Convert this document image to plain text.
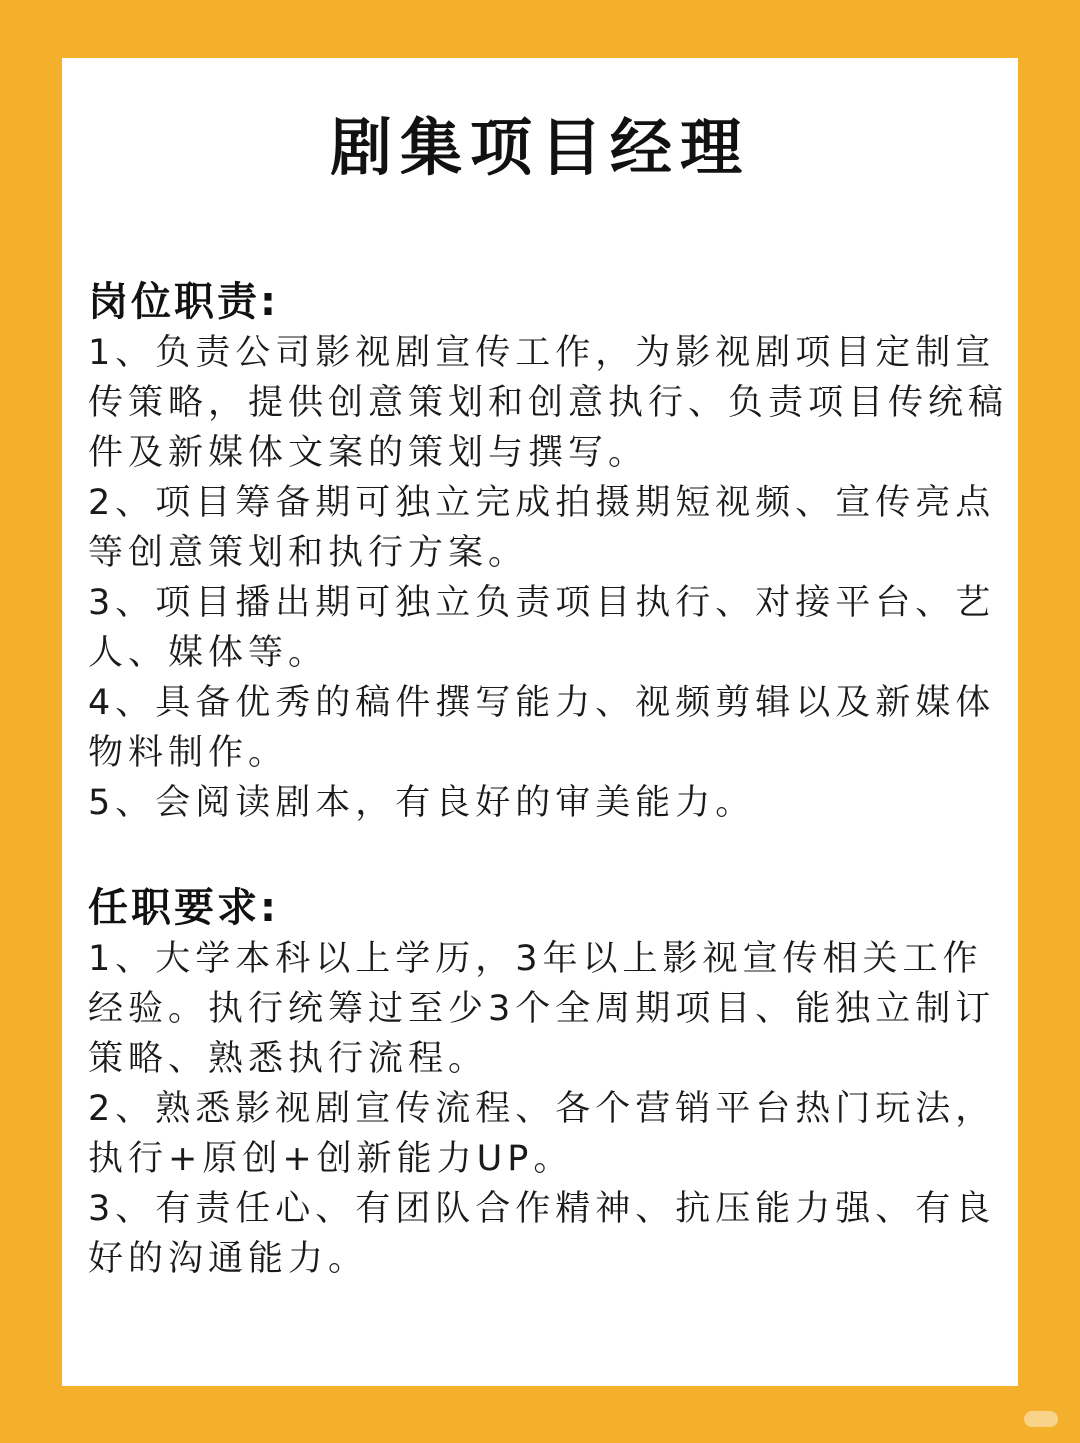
剧集项目经理

岗位职责:

1、负责公司影视剧宣传工作，为影视剧项目定制宣传策略，提供创意策划和创意执行、负责项目传统稿件及新媒体文案的策划与撰写。
2、项目筹备期可独立完成拍摄期短视频、宣传亮点等创意策划和执行方案。
3、项目播出期可独立负责项目执行、对接平台、艺人、媒体等。
4、具备优秀的稿件撰写能力、视频剪辑以及新媒体物料制作。
5、会阅读剧本，有良好的审美能力。

任职要求:

1、大学本科以上学历，3年以上影视宣传相关工作经验。执行统筹过至少3个全周期项目、能独立制订策略、熟悉执行流程。
2、熟悉影视剧宣传流程、各个营销平台热门玩法，执行+原创+创新能力UP。
3、有责任心、有团队合作精神、抗压能力强、有良好的沟通能力。
